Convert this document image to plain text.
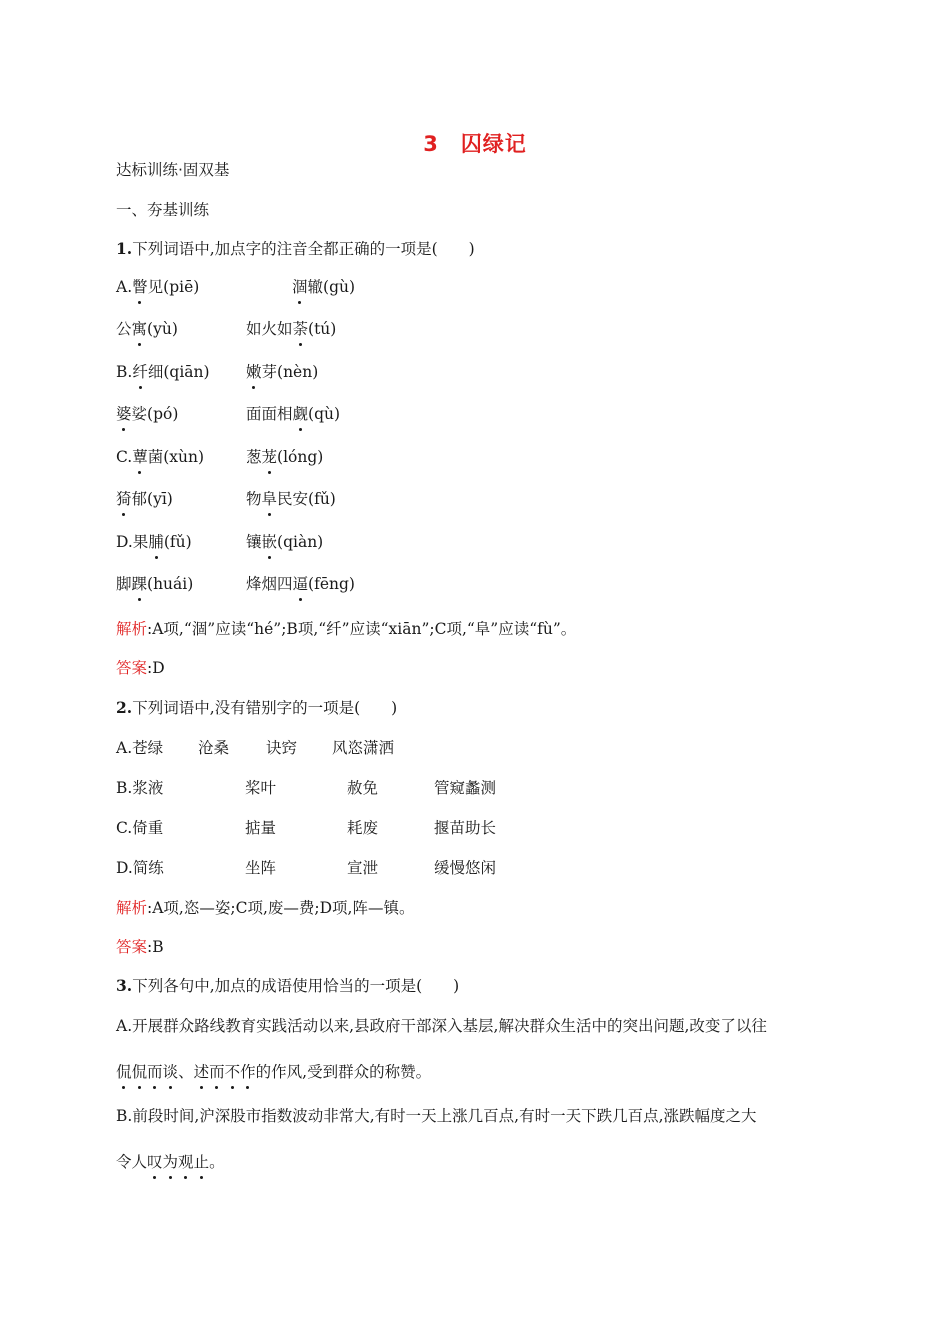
3 囚绿记
达标训练·固双基
一、夯基训练
1.下列词语中,加点字的注音全都正确的一项是(　　)
A.瞥见(piē)	涸辙(gù)
公寓(yù)	如火如荼(tú)
B.纤细(qiān) 嫩芽(nèn)
婆娑(pó)	面面相觑(qù)
C.蕈菌(xùn)	葱茏(lóng)
猗郁(yī)	物阜民安(fǔ)
D.果脯(fǔ)	镶嵌(qiàn)
脚踝(huái)	烽烟四逼(fēng)
解析:A项,“涸”应读“hé”;B项,“纤”应读“xiān”;C项,“阜”应读“fù”。
答案:D
2.下列词语中,没有错别字的一项是(　　)
A.苍绿 沧桑 诀窍 风恣潇洒
B.浆液	桨叶	赦免	管窥蠡测
C.倚重	掂量	耗废	揠苗助长
D.简练	坐阵	宣泄	缓慢悠闲
解析:A项,恣—姿;C项,废—费;D项,阵—镇。
答案:B
3.下列各句中,加点的成语使用恰当的一项是(　　)
A.开展群众路线教育实践活动以来,县政府干部深入基层,解决群众生活中的突出问题,改变了以往
侃侃而谈、述而不作的作风,受到群众的称赞。
B.前段时间,沪深股市指数波动非常大,有时一天上涨几百点,有时一天下跌几百点,涨跌幅度之大
令人叹为观止。
